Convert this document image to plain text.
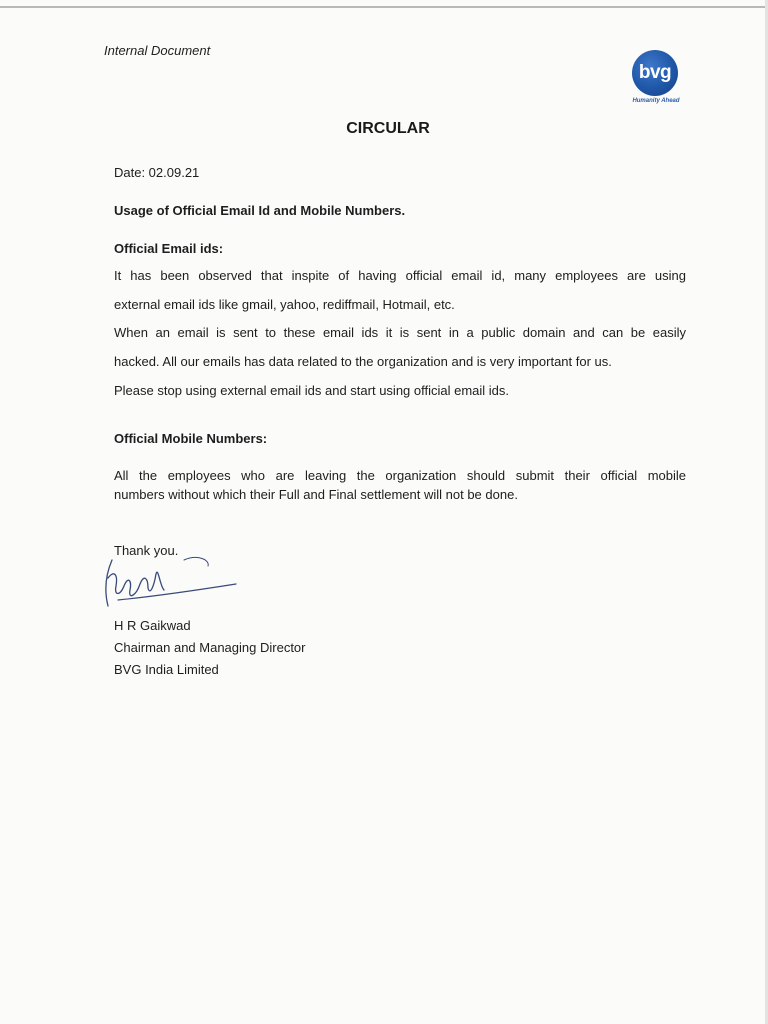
Internal Document
bvg
Humanity Ahead
CIRCULAR
Date: 02.09.21
Usage of Official Email Id and Mobile Numbers.
Official Email ids:
It has been observed that inspite of having official email id, many employees are using
external email ids like gmail, yahoo, rediffmail, Hotmail, etc.
When an email is sent to these email ids it is sent in a public domain and can be easily
hacked. All our emails has data related to the organization and is very important for us.
Please stop using external email ids and start using official email ids.
Official Mobile Numbers:
All the employees who are leaving the organization should submit their official mobile
numbers without which their Full and Final settlement will not be done.
Thank you.
H R Gaikwad
Chairman and Managing Director
BVG India Limited
